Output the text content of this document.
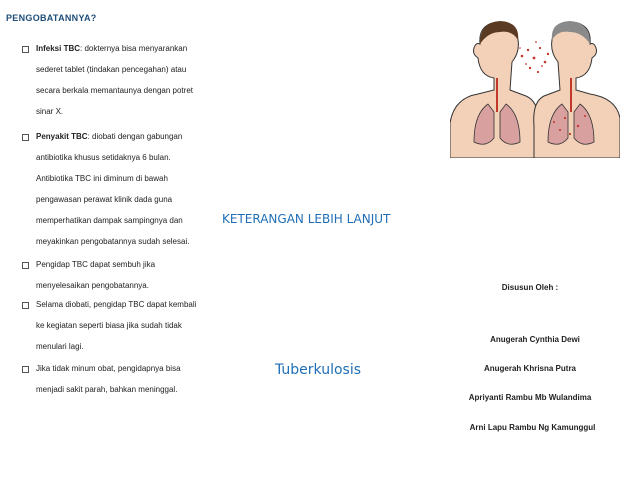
PENGOBATANNYA?
Infeksi TBC: dokternya bisa menyarankan
sederet tablet (tindakan pencegahan) atau
secara berkala memantaunya dengan potret
sinar X.
Penyakit TBC: diobati dengan gabungan
antibiotika khusus setidaknya 6 bulan.
Antibiotika TBC ini diminum di bawah
pengawasan perawat klinik dada guna
memperhatikan dampak sampingnya dan
meyakinkan pengobatannya sudah selesai.
Pengidap TBC dapat sembuh jika
menyelesaikan pengobatannya.
Selama diobati, pengidap TBC dapat kembali
ke kegiatan seperti biasa jika sudah tidak
menulari lagi.
Jika tidak minum obat, pengidapnya bisa
menjadi sakit parah, bahkan meninggal.
KETERANGAN LEBIH LANJUT
Tuberkulosis
Disusun Oleh :
Anugerah Cynthia Dewi
Anugerah Khrisna Putra
Apriyanti Rambu Mb Wulandima
Arni Lapu Rambu Ng Kamunggul
